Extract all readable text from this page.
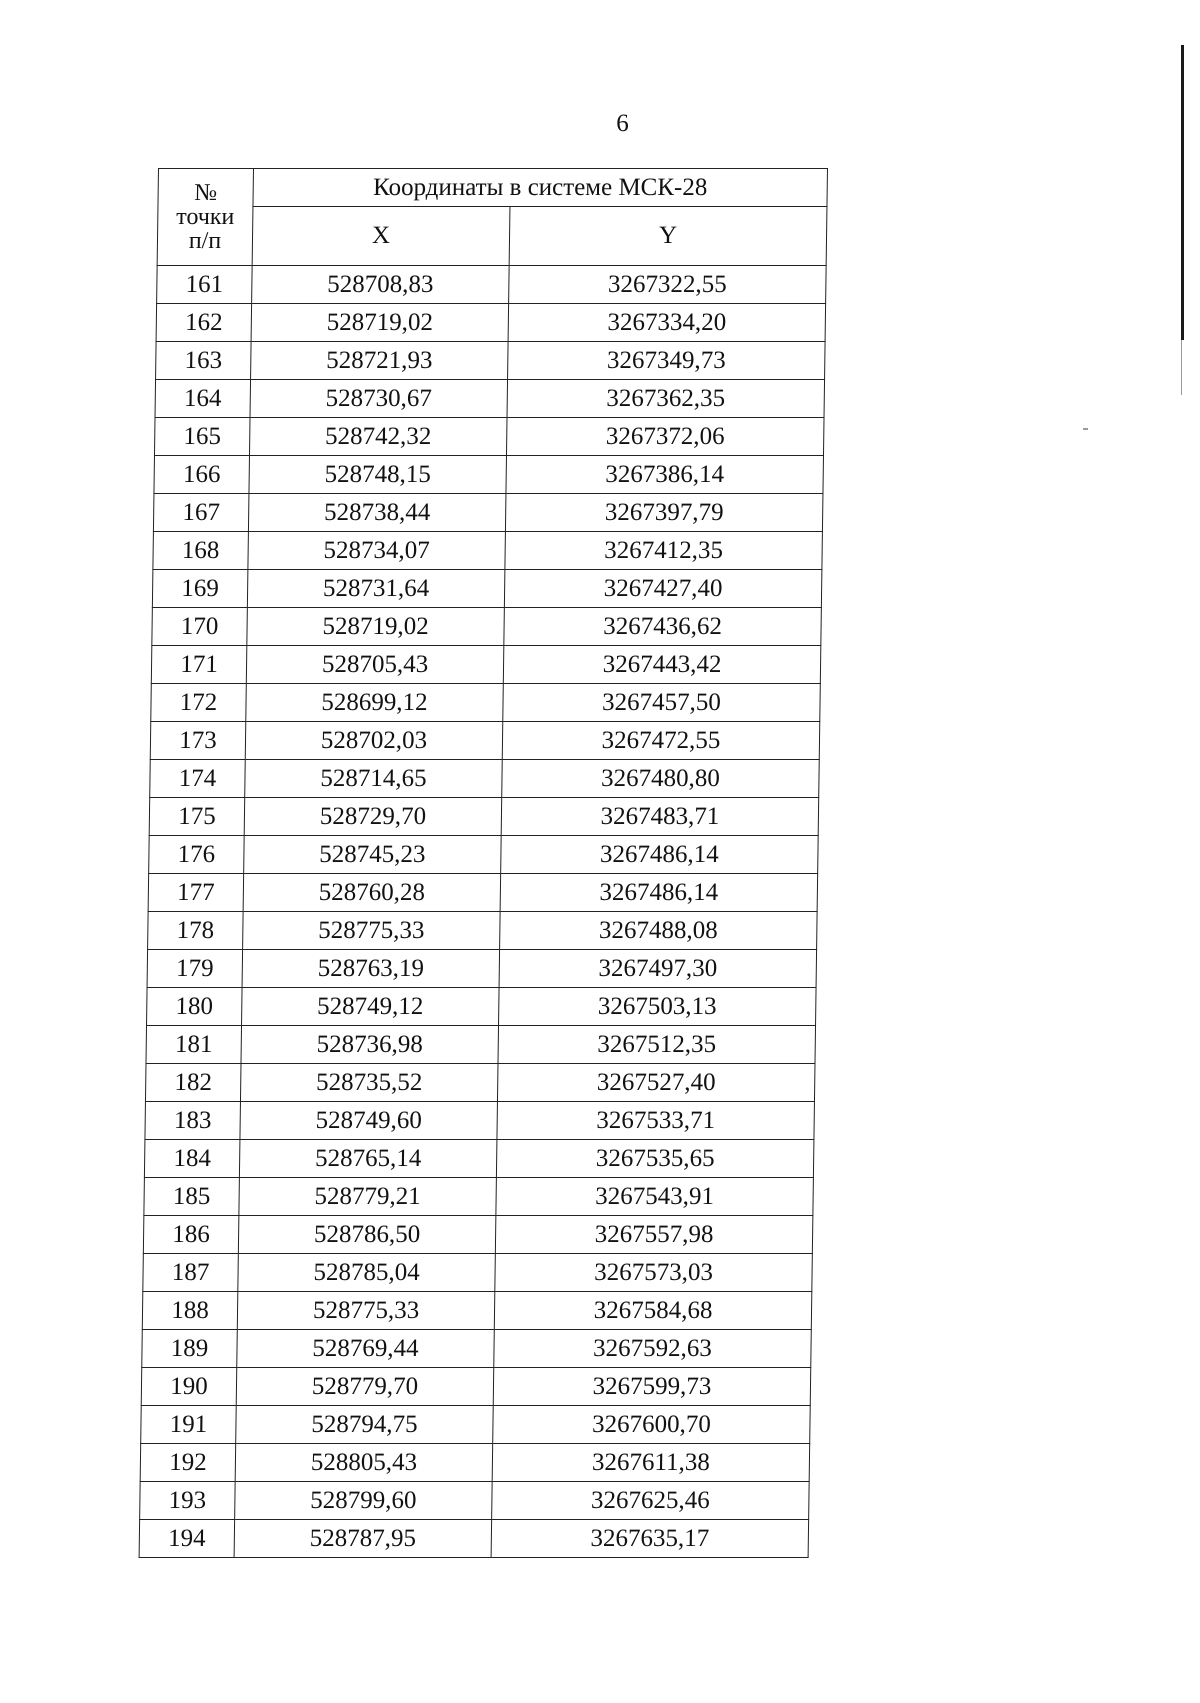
6
№
точки
п/п	Координаты в системе МСК-28	
	X	Y
161	528708,83	3267322,55
162	528719,02	3267334,20
163	528721,93	3267349,73
164	528730,67	3267362,35
165	528742,32	3267372,06
166	528748,15	3267386,14
167	528738,44	3267397,79
168	528734,07	3267412,35
169	528731,64	3267427,40
170	528719,02	3267436,62
171	528705,43	3267443,42
172	528699,12	3267457,50
173	528702,03	3267472,55
174	528714,65	3267480,80
175	528729,70	3267483,71
176	528745,23	3267486,14
177	528760,28	3267486,14
178	528775,33	3267488,08
179	528763,19	3267497,30
180	528749,12	3267503,13
181	528736,98	3267512,35
182	528735,52	3267527,40
183	528749,60	3267533,71
184	528765,14	3267535,65
185	528779,21	3267543,91
186	528786,50	3267557,98
187	528785,04	3267573,03
188	528775,33	3267584,68
189	528769,44	3267592,63
190	528779,70	3267599,73
191	528794,75	3267600,70
192	528805,43	3267611,38
193	528799,60	3267625,46
194	528787,95	3267635,17
